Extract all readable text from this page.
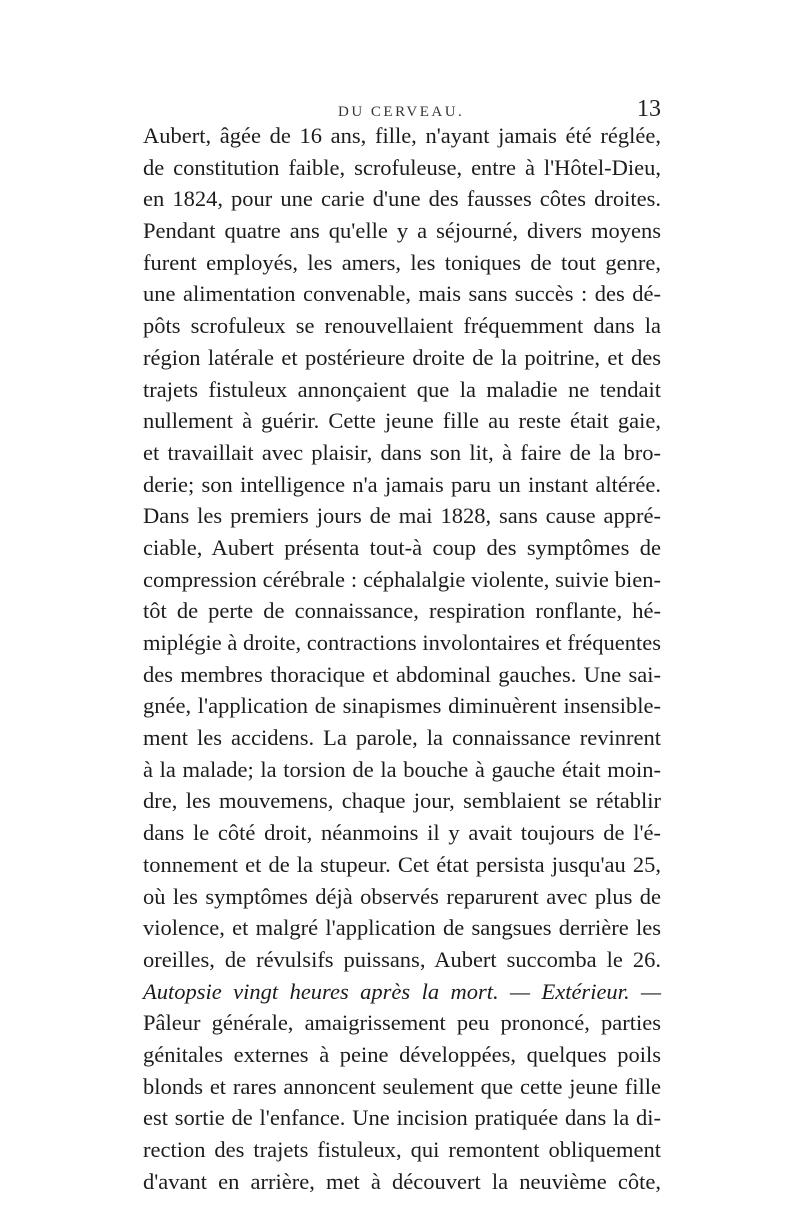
DU CERVEAU.	13
Aubert, âgée de 16 ans, fille, n'ayant jamais été réglée,
de constitution faible, scrofuleuse, entre à l'Hôtel-Dieu,
en 1824, pour une carie d'une des fausses côtes droites.
Pendant quatre ans qu'elle y a séjourné, divers moyens
furent employés, les amers, les toniques de tout genre,
une alimentation convenable, mais sans succès : des dé-
pôts scrofuleux se renouvellaient fréquemment dans la
région latérale et postérieure droite de la poitrine, et des
trajets fistuleux annonçaient que la maladie ne tendait
nullement à guérir. Cette jeune fille au reste était gaie,
et travaillait avec plaisir, dans son lit, à faire de la bro-
derie; son intelligence n'a jamais paru un instant altérée.
Dans les premiers jours de mai 1828, sans cause appré-
ciable, Aubert présenta tout-à coup des symptômes de
compression cérébrale : céphalalgie violente, suivie bien-
tôt de perte de connaissance, respiration ronflante, hé-
miplégie à droite, contractions involontaires et fréquentes
des membres thoracique et abdominal gauches. Une sai-
gnée, l'application de sinapismes diminuèrent insensible-
ment les accidens. La parole, la connaissance revinrent
à la malade; la torsion de la bouche à gauche était moin-
dre, les mouvemens, chaque jour, semblaient se rétablir
dans le côté droit, néanmoins il y avait toujours de l'é-
tonnement et de la stupeur. Cet état persista jusqu'au 25,
où les symptômes déjà observés reparurent avec plus de
violence, et malgré l'application de sangsues derrière les
oreilles, de révulsifs puissans, Aubert succomba le 26.
Autopsie vingt heures après la mort. — Extérieur. —
Pâleur générale, amaigrissement peu prononcé, parties
génitales externes à peine développées, quelques poils
blonds et rares annoncent seulement que cette jeune fille
est sortie de l'enfance. Une incision pratiquée dans la di-
rection des trajets fistuleux, qui remontent obliquement
d'avant en arrière, met à découvert la neuvième côte,
